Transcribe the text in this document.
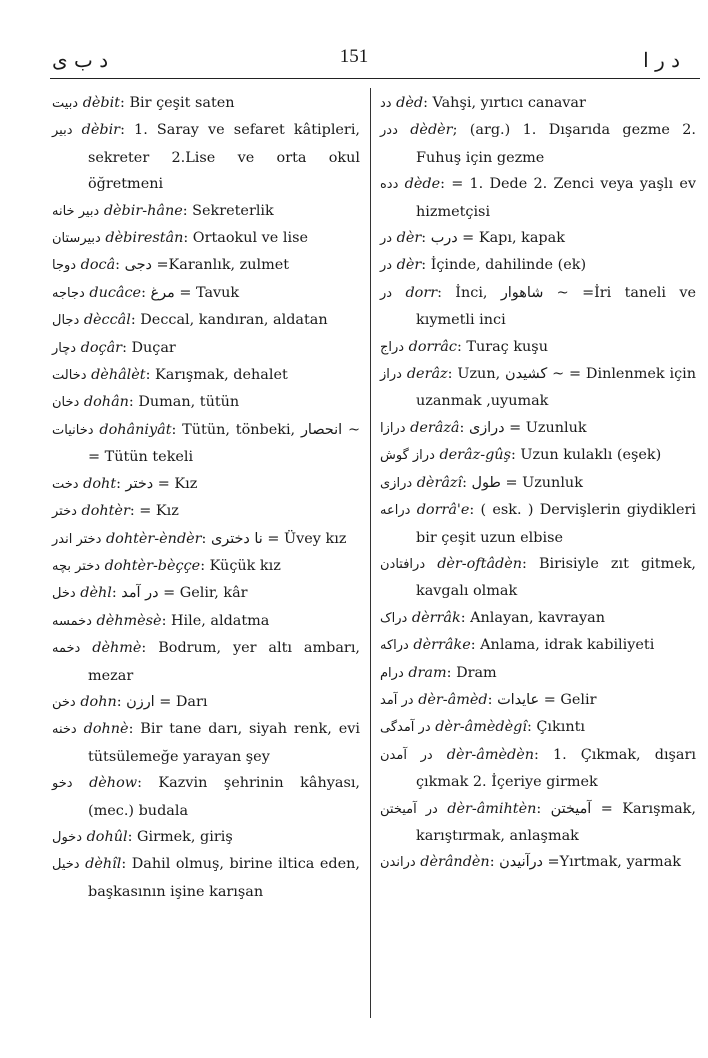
د ب ی	151	د ر ا

دبیت dèbit: Bir çeşit saten

دبیر dèbir: 1. Saray ve sefaret kâtipleri, sekreter 2.Lise ve orta okul öğretmeni

دبیر خانه dèbir-hâne: Sekreterlik

دبیرستان dèbirestân: Ortaokul ve lise

دوجا docâ: دجی =Karanlık, zulmet

دجاجه ducâce: مرغ = Tavuk

دجال dèccâl: Deccal, kandıran, aldatan

دچار doçâr: Duçar

دخالت dèhâlèt: Karışmak, dehalet

دخان dohân: Duman, tütün

دخانیات dohâniyât: Tütün, tönbeki, انحصار ~ = Tütün tekeli

دخت doht: دختر = Kız

دختر dohtèr: = Kız

دختر اندر dohtèr-èndèr: نا دختری = Üvey kız

دختر بچه dohtèr-bèççe: Küçük kız

دخل dèhl: در آمد = Gelir, kâr

دخمسه dèhmèsè: Hile, aldatma

دخمه dèhmè: Bodrum, yer altı ambarı, mezar

دخن dohn: ارزن = Darı

دخنه dohnè: Bir tane darı, siyah renk, evi tütsülemeğe yarayan şey

دخو dèhow: Kazvin şehrinin kâhyası, (mec.) budala

دخول dohûl: Girmek, giriş

دخیل dèhîl: Dahil olmuş, birine iltica eden, başkasının işine karışan

دد dèd: Vahşi, yırtıcı canavar

ددر dèdèr; (arg.) 1. Dışarıda gezme 2. Fuhuş için gezme

دده dède: = 1. Dede 2. Zenci veya yaşlı ev hizmetçisi

در dèr: درب = Kapı, kapak

در dèr: İçinde, dahilinde (ek)

در dorr: İnci, شاهوار ~ =İri taneli ve kıymetli inci

دراج dorrâc: Turaç kuşu

دراز derâz: Uzun, کشیدن ~ = Dinlenmek için uzanmak ,uyumak

درازا derâzâ: درازی = Uzunluk

دراز گوش derâz-gûş: Uzun kulaklı (eşek)

درازی dèrâzî: طول = Uzunluk

دراعه dorrâ'e: ( esk. ) Dervişlerin giydikleri bir çeşit uzun elbise

درافتادن dèr-oftâdèn: Birisiyle zıt gitmek, kavgalı olmak

دراک dèrrâk: Anlayan, kavrayan

دراکه dèrrâke: Anlama, idrak kabiliyeti

درام dram: Dram

در آمد dèr-âmèd: عایدات = Gelir

در آمدگی dèr-âmèdègî: Çıkıntı

در آمدن dèr-âmèdèn: 1. Çıkmak, dışarı çıkmak 2. İçeriye girmek

در آمیختن dèr-âmihtèn: آمیختن = Karışmak, karıştırmak, anlaşmak

دراندن dèrândèn: درآنیدن =Yırtmak, yarmak
